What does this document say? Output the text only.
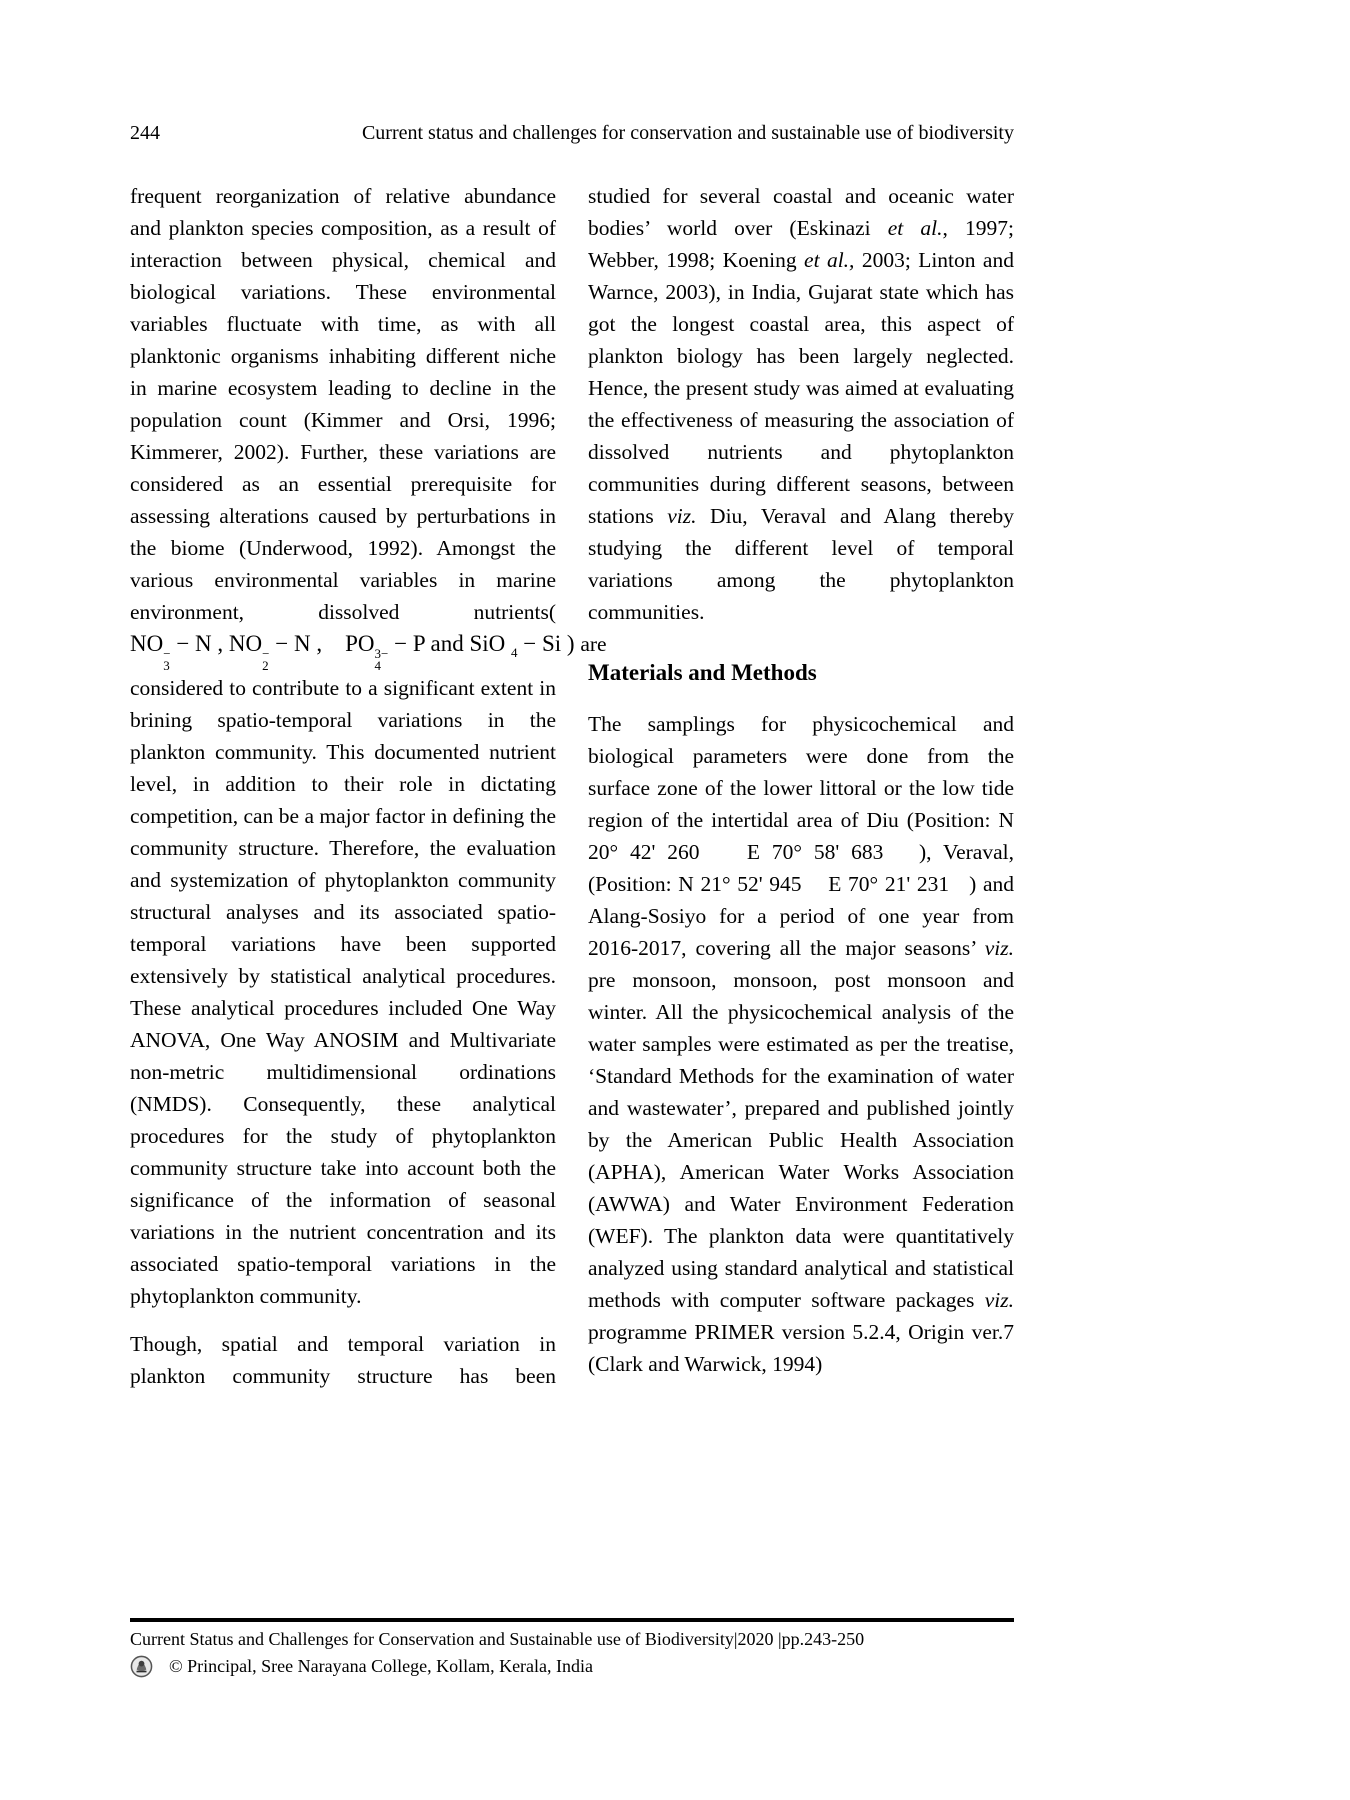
244	Current status and challenges for conservation and sustainable use of biodiversity

frequent reorganization of relative abundance and plankton species composition, as a result of interaction between physical, chemical and biological variations. These environmental variables fluctuate with time, as with all planktonic organisms inhabiting different niche in marine ecosystem leading to decline in the population count (Kimmer and Orsi, 1996; Kimmerer, 2002). Further, these variations are considered as an essential prerequisite for assessing alterations caused by perturbations in the biome (Underwood, 1992). Amongst the various environmental variables in marine environment, dissolved nutrients( NO −
3
− N , NO −
2
− N ,    PO 3−
4
− P and SiO $_4$ − Si ) are considered to contribute to a significant extent in brining spatio-temporal variations in the plankton community. This documented nutrient level, in addition to their role in dictating competition, can be a major factor in defining the community structure. Therefore, the evaluation and systemization of phytoplankton community structural analyses and its associated spatio-temporal variations have been supported extensively by statistical analytical procedures. These analytical procedures included One Way ANOVA, One Way ANOSIM and Multivariate non-metric multidimensional ordinations (NMDS). Consequently, these analytical procedures for the study of phytoplankton community structure take into account both the significance of the information of seasonal variations in the nutrient concentration and its associated spatio-temporal variations in the phytoplankton community.

Though, spatial and temporal variation in plankton community structure has been

studied for several coastal and oceanic water bodies’ world over (Eskinazi et al., 1997; Webber, 1998; Koening et al., 2003; Linton and Warnce, 2003), in India, Gujarat state which has got the longest coastal area, this aspect of plankton biology has been largely neglected. Hence, the present study was aimed at evaluating the effectiveness of measuring the association of dissolved nutrients and phytoplankton communities during different seasons, between stations viz. Diu, Veraval and Alang thereby studying the different level of temporal variations among the phytoplankton communities.

Materials and Methods

The samplings for physicochemical and biological parameters were done from the surface zone of the lower littoral or the low tide region of the intertidal area of Diu (Position: N 20° 42' 260    E 70° 58' 683   ), Veraval, (Position: N 21° 52' 945    E 70° 21' 231   ) and Alang-Sosiyo for a period of one year from 2016-2017, covering all the major seasons’ viz. pre monsoon, monsoon, post monsoon and winter. All the physicochemical analysis of the water samples were estimated as per the treatise, ‘Standard Methods for the examination of water and wastewater’, prepared and published jointly by the American Public Health Association (APHA), American Water Works Association (AWWA) and Water Environment Federation (WEF). The plankton data were quantitatively analyzed using standard analytical and statistical methods with computer software packages viz. programme PRIMER version 5.2.4, Origin ver.7 (Clark and Warwick, 1994)

Current Status and Challenges for Conservation and Sustainable use of Biodiversity|2020 |pp.243-250
© Principal, Sree Narayana College, Kollam, Kerala, India
